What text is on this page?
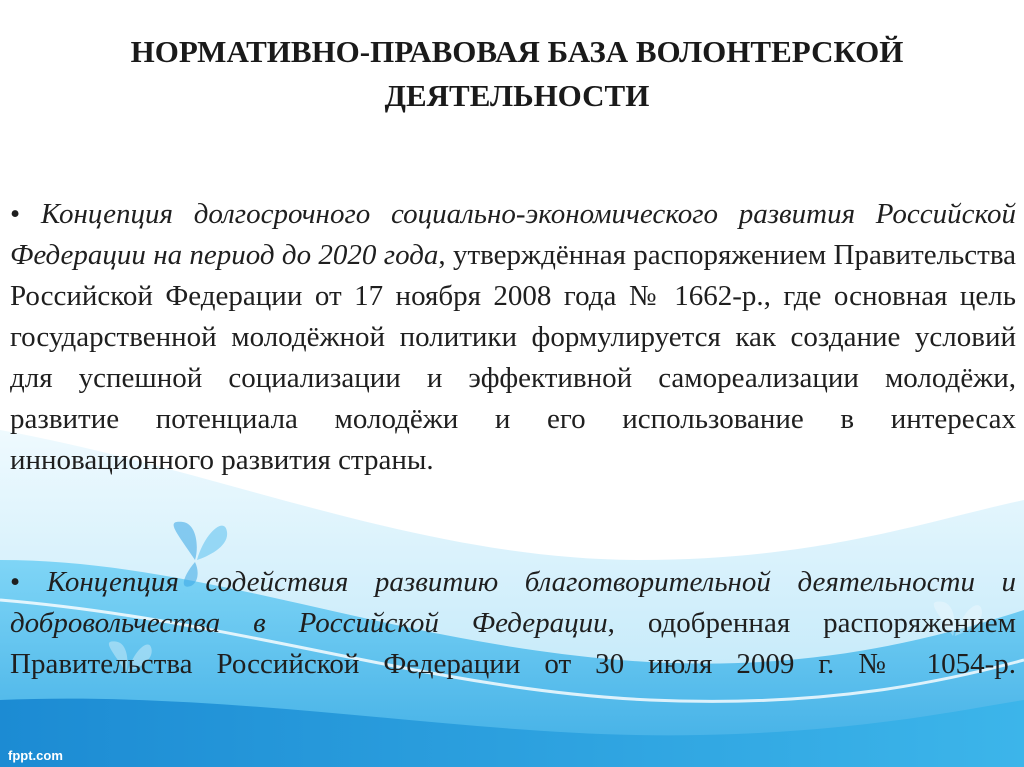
НОРМАТИВНО-ПРАВОВАЯ БАЗА ВОЛОНТЕРСКОЙ ДЕЯТЕЛЬНОСТИ

• Концепция долгосрочного социально-экономического развития Российской Федерации на период до 2020 года, утверждённая распоряжением Правительства Российской Федерации от 17 ноября 2008 года № 1662-р., где основная цель государственной молодёжной политики формулируется как создание условий для успешной социализации и эффективной самореализации молодёжи, развитие потенциала молодёжи и его использование в интересах инновационного развития страны.

• Концепция содействия развитию благотворительной деятельности и добровольчества в Российской Федерации, одобренная распоряжением Правительства Российской Федерации от 30 июля 2009 г. № 1054-р.

fppt.com
